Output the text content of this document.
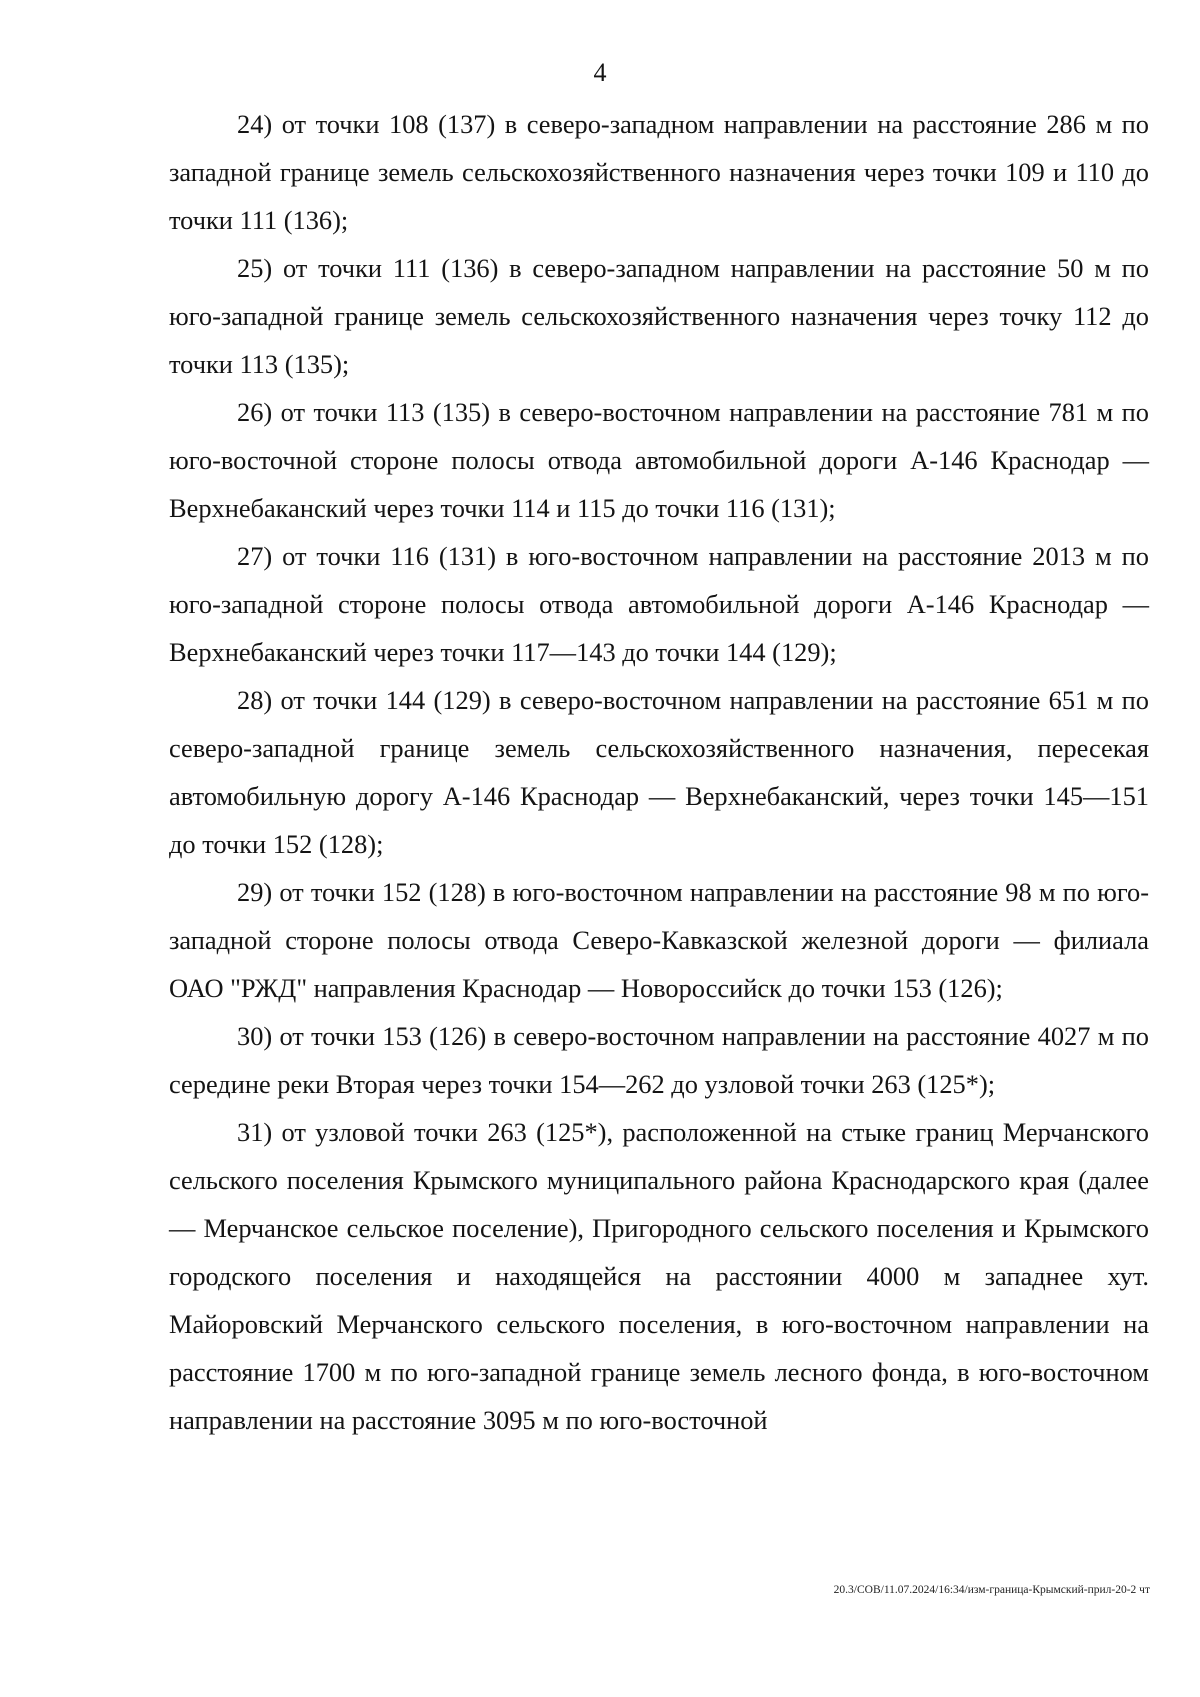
4

24) от точки 108 (137) в северо-западном направлении на расстояние 286 м по западной границе земель сельскохозяйственного назначения через точки 109 и 110 до точки 111 (136);

25) от точки 111 (136) в северо-западном направлении на расстояние 50 м по юго-западной границе земель сельскохозяйственного назначения через точку 112 до точки 113 (135);

26) от точки 113 (135) в северо-восточном направлении на расстояние 781 м по юго-восточной стороне полосы отвода автомобильной дороги А-146 Краснодар — Верхнебаканский через точки 114 и 115 до точки 116 (131);

27) от точки 116 (131) в юго-восточном направлении на расстояние 2013 м по юго-западной стороне полосы отвода автомобильной дороги А-146 Краснодар — Верхнебаканский через точки 117—143 до точки 144 (129);

28) от точки 144 (129) в северо-восточном направлении на расстояние 651 м по северо-западной границе земель сельскохозяйственного назначения, пересекая автомобильную дорогу А-146 Краснодар — Верхнебаканский, через точки 145—151 до точки 152 (128);

29) от точки 152 (128) в юго-восточном направлении на расстояние 98 м по юго-западной стороне полосы отвода Северо-Кавказской железной дороги — филиала ОАО "РЖД" направления Краснодар — Новороссийск до точки 153 (126);

30) от точки 153 (126) в северо-восточном направлении на расстояние 4027 м по середине реки Вторая через точки 154—262 до узловой точки 263 (125*);

31) от узловой точки 263 (125*), расположенной на стыке границ Мерчанского сельского поселения Крымского муниципального района Краснодарского края (далее — Мерчанское сельское поселение), Пригородного сельского поселения и Крымского городского поселения и находящейся на расстоянии 4000 м западнее хут. Майоровский Мерчанского сельского поселения, в юго-восточном направлении на расстояние 1700 м по юго-западной границе земель лесного фонда, в юго-восточном направлении на расстояние 3095 м по юго-восточной

20.3/СОВ/11.07.2024/16:34/изм-граница-Крымский-прил-20-2 чт
